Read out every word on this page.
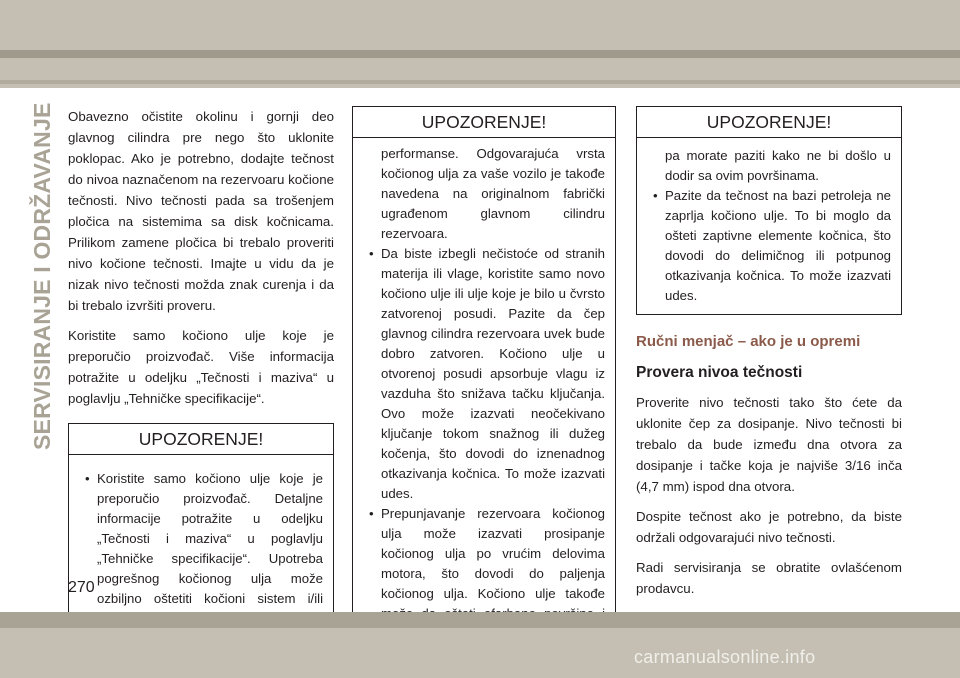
SERVISIRANJE I ODRŽAVANJE Obavezno očistite okolinu i gornji deo glavnog cilindra pre nego što uklonite poklopac. Ako je potrebno, dodajte tečnost do nivoa naznačenom na rezervoaru kočione tečnosti. Nivo tečnosti pada sa trošenjem pločica na sistemima sa disk kočnicama. Prilikom zamene pločica bi trebalo proveriti nivo kočione tečnosti. Imajte u vidu da je nizak nivo tečnosti možda znak curenja i da bi trebalo izvršiti proveru.

Koristite samo kočiono ulje koje je preporučio proizvođač. Više informacija potražite u odeljku „Tečnosti i maziva“ u poglavlju „Tehničke specifikacije“.

UPOZORENJE!
• Koristite samo kočiono ulje koje je preporučio proizvođač. Detaljne informacije potražite u odeljku „Tečnosti i maziva“ u poglavlju „Tehničke specifikacije“. Upotreba pogrešnog kočionog ulja može ozbiljno oštetiti kočioni sistem i/ili
UPOZORENJE!
performanse. Odgovarajuća vrsta kočionog ulja za vaše vozilo je takođe navedena na originalnom fabrički ugrađenom glavnom cilindru rezervoara.
• Da biste izbegli nečistoće od stranih materija ili vlage, koristite samo novo kočiono ulje ili ulje koje je bilo u čvrsto zatvorenoj posudi. Pazite da čep glavnog cilindra rezervoara uvek bude dobro zatvoren. Kočiono ulje u otvorenoj posudi apsorbuje vlagu iz vazduha što snižava tačku ključanja. Ovo može izazvati neočekivano ključanje tokom snažnog ili dužeg kočenja, što dovodi do iznenadnog otkazivanja kočnica. To može izazvati udes.
• Prepunjavanje rezervoara kočionog ulja može izazvati prosipanje kočionog ulja po vrućim delovima motora, što dovodi do paljenja kočionog ulja. Kočiono ulje takođe
UPOZORENJE!
pa morate paziti kako ne bi došlo u dodir sa ovim površinama.
• Pazite da tečnost na bazi petroleja ne zaprlja kočiono ulje. To bi moglo da ošteti zaptivne elemente kočnica, što dovodi do delimičnog ili potpunog otkazivanja kočnica. To može izazvati udes.
Ručni menjač – ako je u opremi
Provera nivoa tečnosti

Proverite nivo tečnosti tako što ćete da uklonite čep za dosipanje. Nivo tečnosti bi trebalo da bude između dna otvora za dosipanje i tačke koja je najviše 3/16 inča (4,7 mm) ispod dna otvora.

Dospite tečnost ako je potrebno, da biste održali odgovarajući nivo tečnosti.

Radi servisiranja se obratite ovlašćenom prodavcu.

270
carmanualsonline.info
